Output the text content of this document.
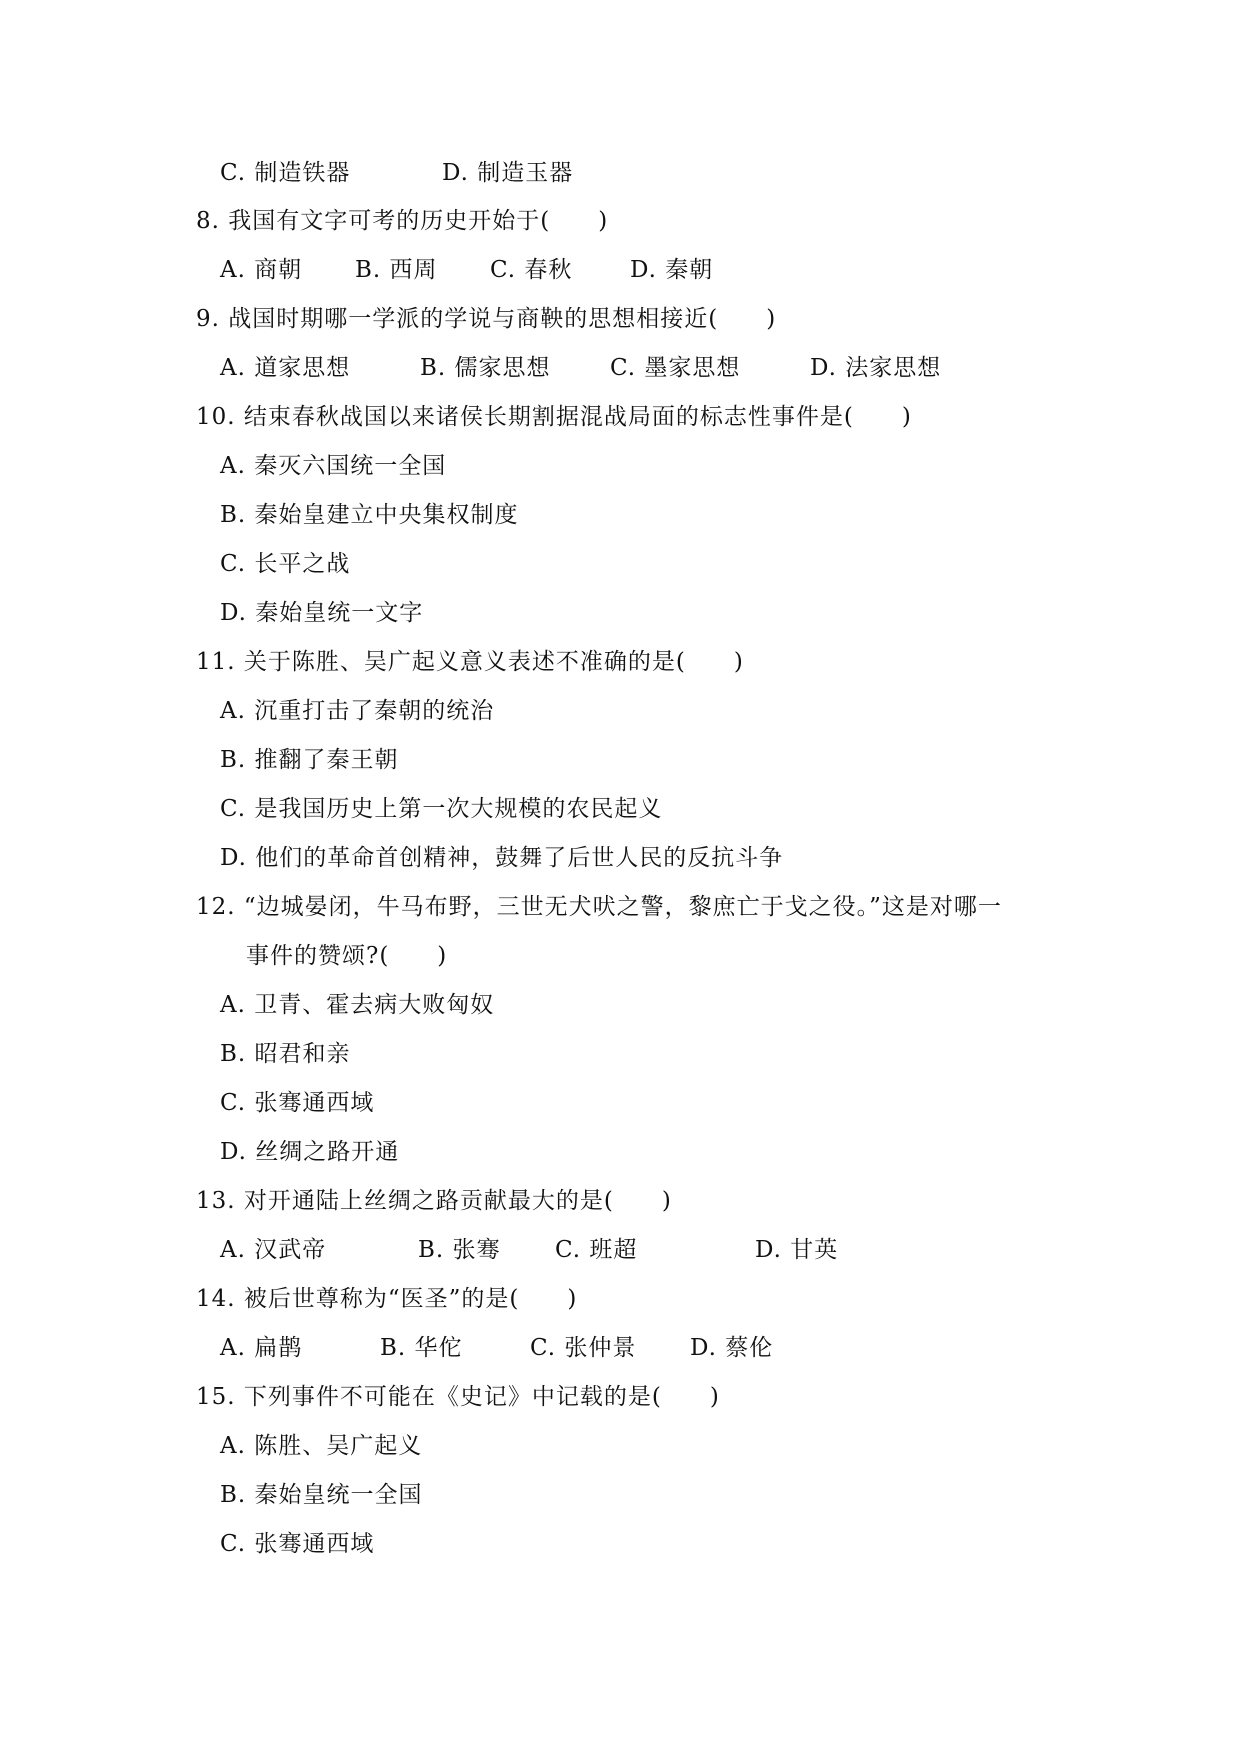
C. 制造铁器	D. 制造玉器
8. 我国有文字可考的历史开始于(　　)
A. 商朝 B. 西周 C. 春秋	D. 秦朝
9. 战国时期哪一学派的学说与商鞅的思想相接近(　　)
A. 道家思想	B. 儒家思想	C. 墨家思想	D. 法家思想
10. 结束春秋战国以来诸侯长期割据混战局面的标志性事件是(　　)
A. 秦灭六国统一全国
B. 秦始皇建立中央集权制度
C. 长平之战
D. 秦始皇统一文字
11. 关于陈胜、吴广起义意义表述不准确的是(　　)
A. 沉重打击了秦朝的统治
B. 推翻了秦王朝
C. 是我国历史上第一次大规模的农民起义
D. 他们的革命首创精神，鼓舞了后世人民的反抗斗争
12. “边城晏闭，牛马布野，三世无犬吠之警，黎庶亡于戈之役。”这是对哪一
事件的赞颂?(　　)
A. 卫青、霍去病大败匈奴
B. 昭君和亲
C. 张骞通西域
D. 丝绸之路开通
13. 对开通陆上丝绸之路贡献最大的是(　　)
A. 汉武帝	B. 张骞 C. 班超	D. 甘英
14. 被后世尊称为“医圣”的是(　　)
A. 扁鹊	B. 华佗	C. 张仲景 D. 蔡伦
15. 下列事件不可能在《史记》中记载的是(　　)
A. 陈胜、吴广起义
B. 秦始皇统一全国
C. 张骞通西域
